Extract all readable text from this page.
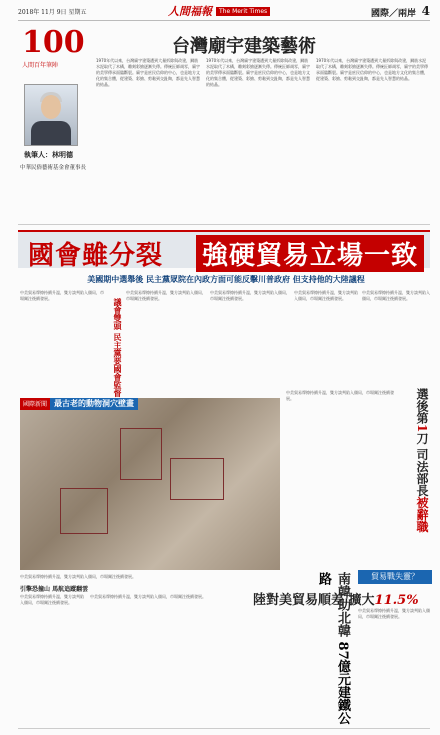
2018年 11月 9日 星期五	人間福報	The Merit Times	國際／兩岸 4
100
人間百年筆陣
執筆人：林明德
中華民俗藝術基金會董事長
台灣廟宇建築藝術
1970年代以來，台灣廟宇建築遭到大量拆除與改建，鋼筋水泥取代了木構，雕刻彩繪逐漸失傳。傳統匠師凋零，廟宇的美學傳承面臨斷裂。廟宇是庶民信仰的中心，也是地方文化的集合體，從建築、彩繪、剪黏到交趾陶，都是先人智慧的結晶。
1970年代以來，台灣廟宇建築遭到大量拆除與改建，鋼筋水泥取代了木構，雕刻彩繪逐漸失傳。傳統匠師凋零，廟宇的美學傳承面臨斷裂。廟宇是庶民信仰的中心，也是地方文化的集合體，從建築、彩繪、剪黏到交趾陶，都是先人智慧的結晶。
1970年代以來，台灣廟宇建築遭到大量拆除與改建，鋼筋水泥取代了木構，雕刻彩繪逐漸失傳。傳統匠師凋零，廟宇的美學傳承面臨斷裂。廟宇是庶民信仰的中心，也是地方文化的集合體，從建築、彩繪、剪黏到交趾陶，都是先人智慧的結晶。
國會雖分裂 強硬貿易立場一致
美國期中選舉後 民主黨眾院在內政方面可能反擊川普政府 但支持他的大陸議程
中美貿易摩擦持續升溫，雙方談判陷入僵局，市場關注後續發展。	議會雙頭 民主黨要國會監督
中美貿易摩擦持續升溫，雙方談判陷入僵局，市場關注後續發展。
中美貿易摩擦持續升溫，雙方談判陷入僵局，市場關注後續發展。
中美貿易摩擦持續升溫，雙方談判陷入僵局，市場關注後續發展。
中美貿易摩擦持續升溫，雙方談判陷入僵局，市場關注後續發展。
國際新聞 最古老的動物洞穴壁畫
中美貿易摩擦持續升溫，雙方談判陷入僵局，市場關注後續發展。
引擎恐撞山 馬航追蹤翻雲
中美貿易摩擦持續升溫，雙方談判陷入僵局，市場關注後續發展。
中美貿易摩擦持續升溫，雙方談判陷入僵局，市場關注後續發展。	選後第1刀 司法部長被辭職
南韓助北韓 87億元建鐵公路
中美貿易摩擦持續升溫，雙方談判陷入僵局，市場關注後續發展。
貿易戰失靈？
陸對美貿易順差 擴大11.5%
中美貿易摩擦持續升溫，雙方談判陷入僵局，市場關注後續發展。
